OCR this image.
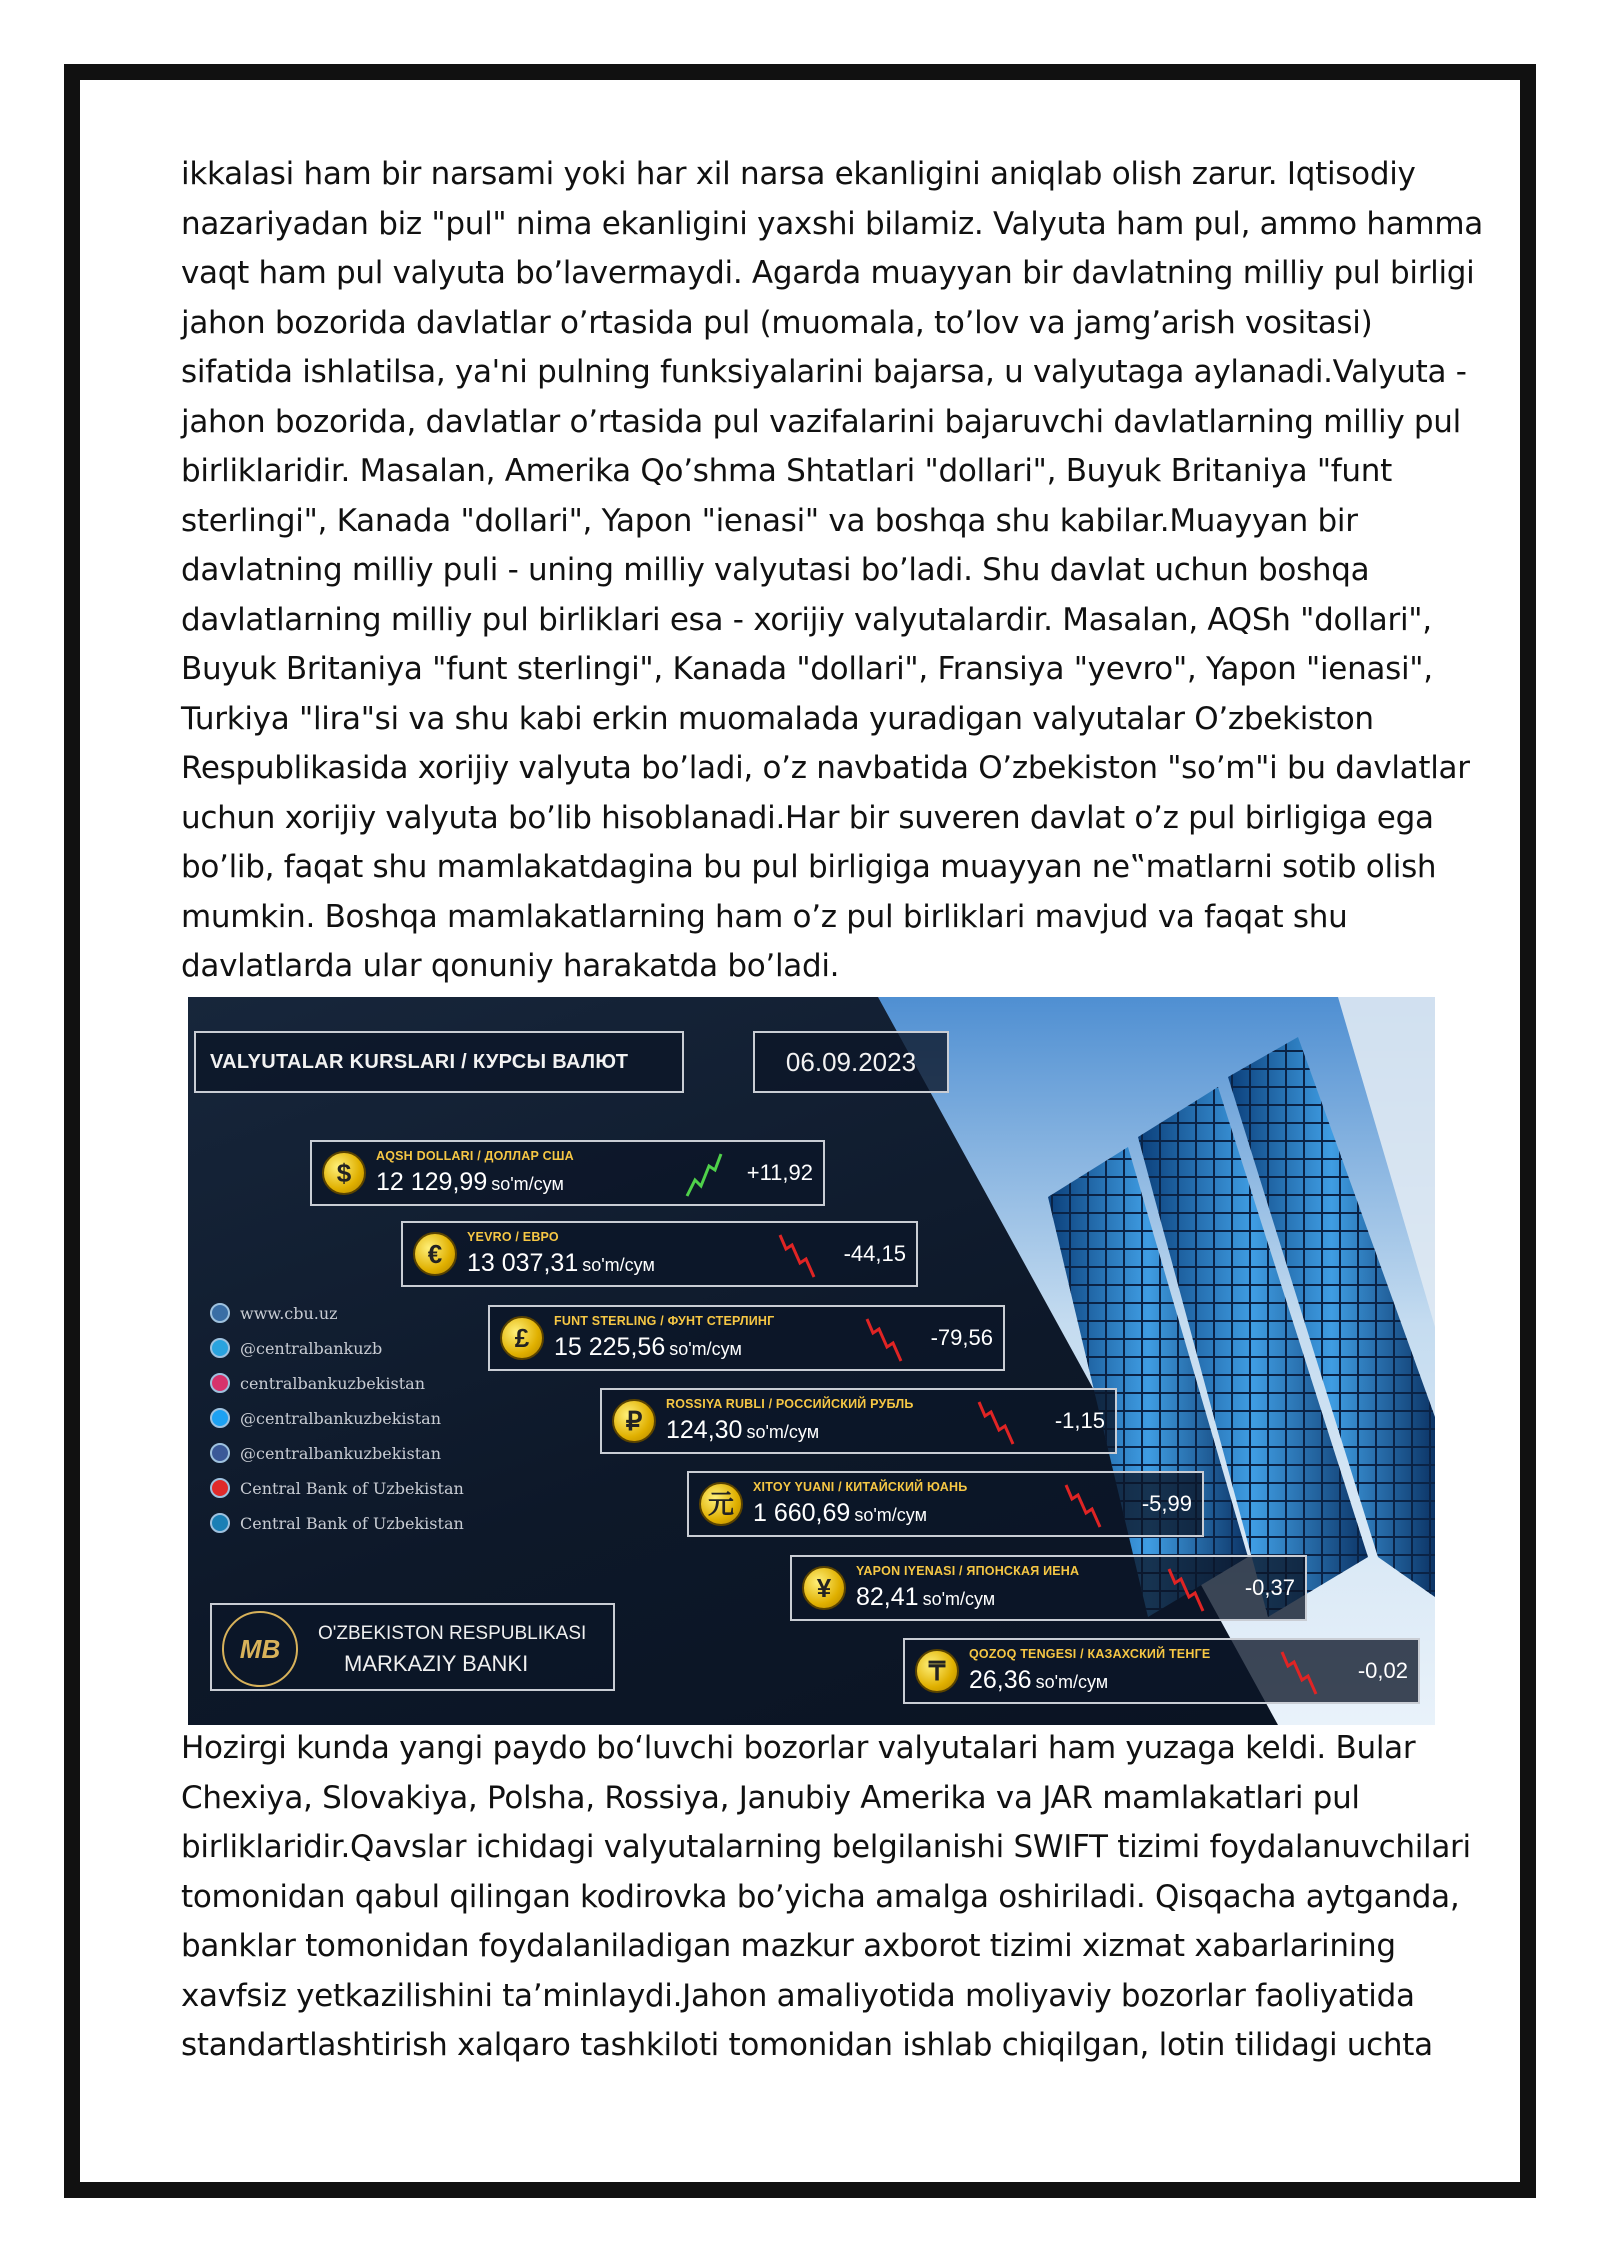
ikkalasi ham bir narsami yoki har xil narsa ekanligini aniqlab olish zarur. Iqtisodiy
nazariyadan biz "pul" nima ekanligini yaxshi bilamiz. Valyuta ham pul, ammo hamma
vaqt ham pul valyuta bo’lavermaydi. Agarda muayyan bir davlatning milliy pul birligi
jahon bozorida davlatlar o’rtasida pul (muomala, to’lov va jamg’arish vositasi)
sifatida ishlatilsa, ya'ni pulning funksiyalarini bajarsa, u valyutaga aylanadi.Valyuta -
jahon bozorida, davlatlar o’rtasida pul vazifalarini bajaruvchi davlatlarning milliy pul
birliklaridir. Masalan, Amerika Qo’shma Shtatlari "dollari", Buyuk Britaniya "funt
sterlingi", Kanada "dollari", Yapon "ienasi" va boshqa shu kabilar.Muayyan bir
davlatning milliy puli - uning milliy valyutasi bo’ladi. Shu davlat uchun boshqa
davlatlarning milliy pul birliklari esa - xorijiy valyutalardir. Masalan, AQSh "dollari",
Buyuk Britaniya "funt sterlingi", Kanada "dollari", Fransiya "yevro", Yapon "ienasi",
Turkiya "lira"si va shu kabi erkin muomalada yuradigan valyutalar O’zbekiston
Respublikasida xorijiy valyuta bo’ladi, o’z navbatida O’zbekiston "so’m"i bu davlatlar
uchun xorijiy valyuta bo’lib hisoblanadi.Har bir suveren davlat o’z pul birligiga ega
bo’lib, faqat shu mamlakatdagina bu pul birligiga muayyan ne‟matlarni sotib olish
mumkin. Boshqa mamlakatlarning ham o’z pul birliklari mavjud va faqat shu
davlatlarda ular qonuniy harakatda bo’ladi.
VALYUTALAR KURSLARI / КУРСЫ ВАЛЮТ	06.09.2023
$
AQSH DOLLARI / ДОЛЛАР США
12 129,99 so'm/сум	+11,92
€
YEVRO / ЕВРО
13 037,31 so'm/сум	-44,15
£
FUNT STERLING / ФУНТ СТЕРЛИНГ
15 225,56 so'm/сум	-79,56
₽
ROSSIYA RUBLI / РОССИЙСКИЙ РУБЛЬ
124,30 so'm/сум	-1,15
元
XITOY YUANI / КИТАЙСКИЙ ЮАНЬ
1 660,69 so'm/сум	-5,99
¥
YAPON IYENASI / ЯПОНСКАЯ ИЕНА
82,41 so'm/сум	-0,37
₸
QOZOQ TENGESI / КАЗАХСКИЙ ТЕНГЕ
26,36 so'm/сум	-0,02
www.cbu.uz
@centralbankuzb
centralbankuzbekistan
@centralbankuzbekistan
@centralbankuzbekistan
Central Bank of Uzbekistan
Central Bank of Uzbekistan
MB
O'ZBEKISTON RESPUBLIKASI
MARKAZIY BANKI
Hozirgi kunda yangi paydo boʻluvchi bozorlar valyutalari ham yuzaga keldi. Bular
Chexiya, Slovakiya, Polsha, Rossiya, Janubiy Amerika va JAR mamlakatlari pul
birliklaridir.Qavslar ichidagi valyutalarning belgilanishi SWIFT tizimi foydalanuvchilari
tomonidan qabul qilingan kodirovka bo’yicha amalga oshiriladi. Qisqacha aytganda,
banklar tomonidan foydalaniladigan mazkur axborot tizimi xizmat xabarlarining
xavfsiz yetkazilishini ta’minlaydi.Jahon amaliyotida moliyaviy bozorlar faoliyatida
standartlashtirish xalqaro tashkiloti tomonidan ishlab chiqilgan, lotin tilidagi uchta
